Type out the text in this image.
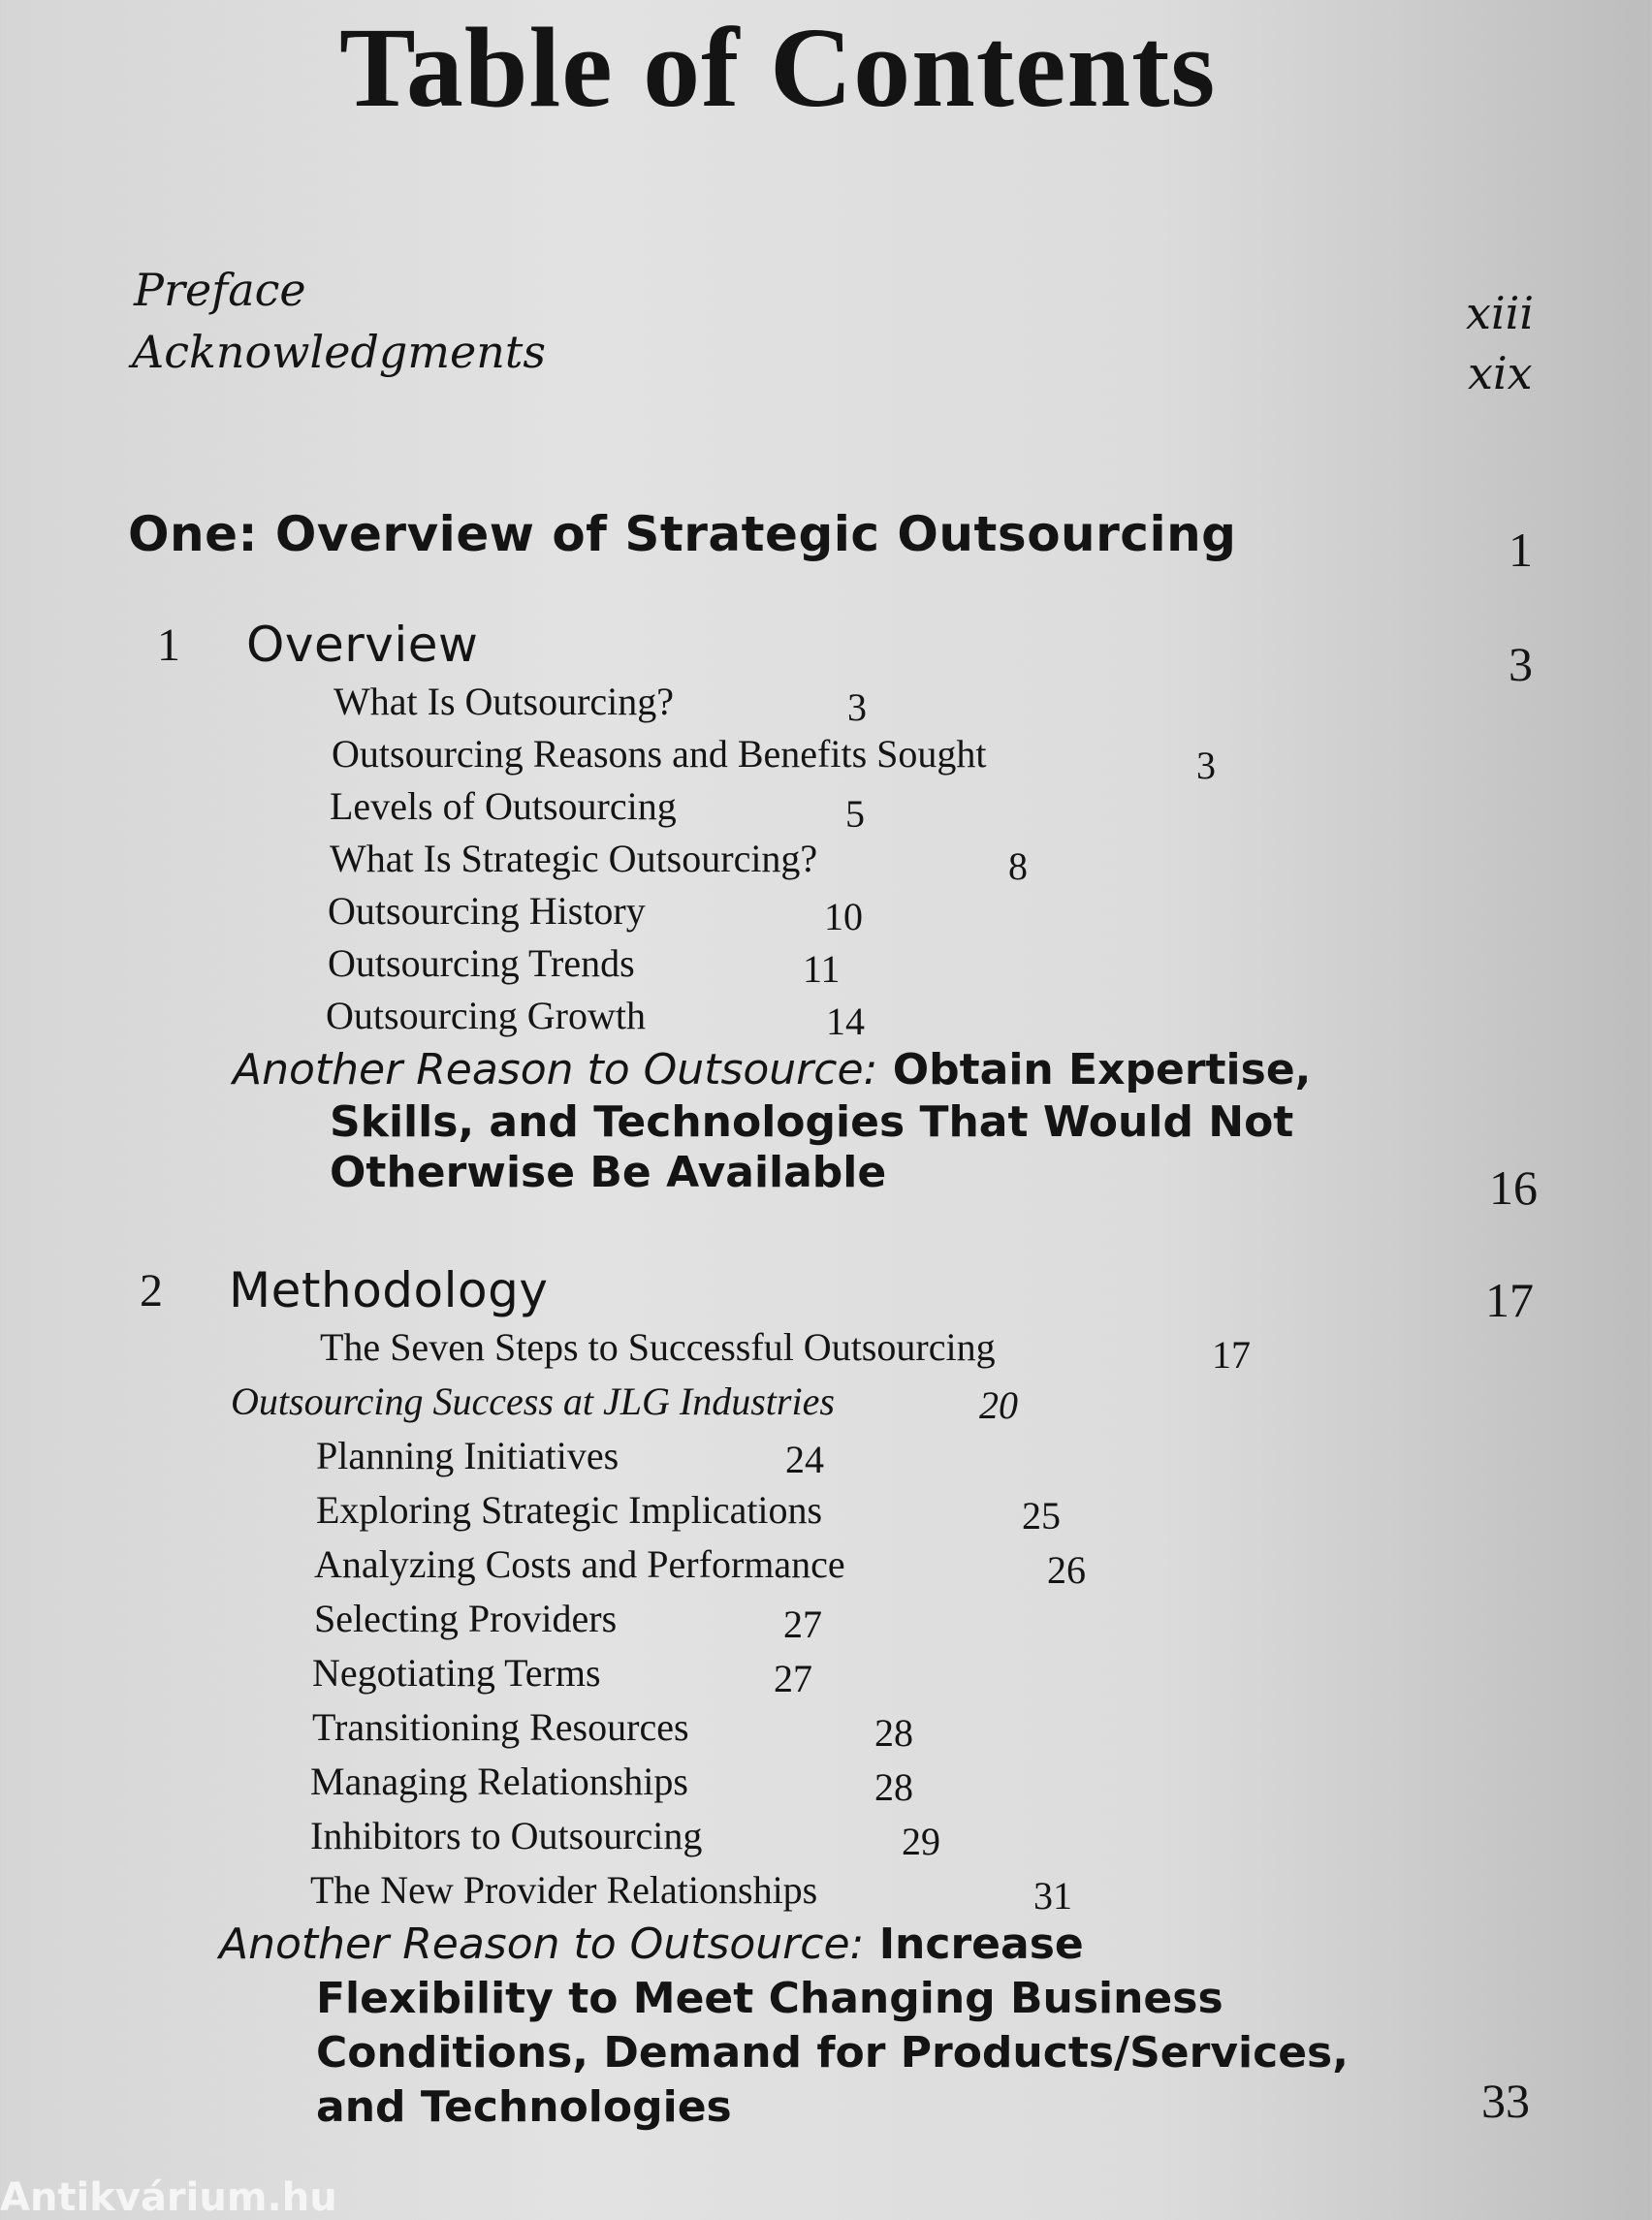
Table of Contents
Preface	xiii
Acknowledgments	xix
One: Overview of Strategic Outsourcing	1
1 Overview	3
What Is Outsourcing?	3
Outsourcing Reasons and Benefits Sought	3
Levels of Outsourcing	5
What Is Strategic Outsourcing?	8
Outsourcing History	10
Outsourcing Trends	11
Outsourcing Growth	14
Another Reason to Outsource: Obtain Expertise,
Skills, and Technologies That Would Not
Otherwise Be Available	16
2 Methodology	17
The Seven Steps to Successful Outsourcing	17
Outsourcing Success at JLG Industries	20
Planning Initiatives	24
Exploring Strategic Implications	25
Analyzing Costs and Performance	26
Selecting Providers	27
Negotiating Terms	27
Transitioning Resources	28
Managing Relationships	28
Inhibitors to Outsourcing	29
The New Provider Relationships	31
Another Reason to Outsource: Increase
Flexibility to Meet Changing Business
Conditions, Demand for Products/Services,
and Technologies	33
Antikvárium.hu
